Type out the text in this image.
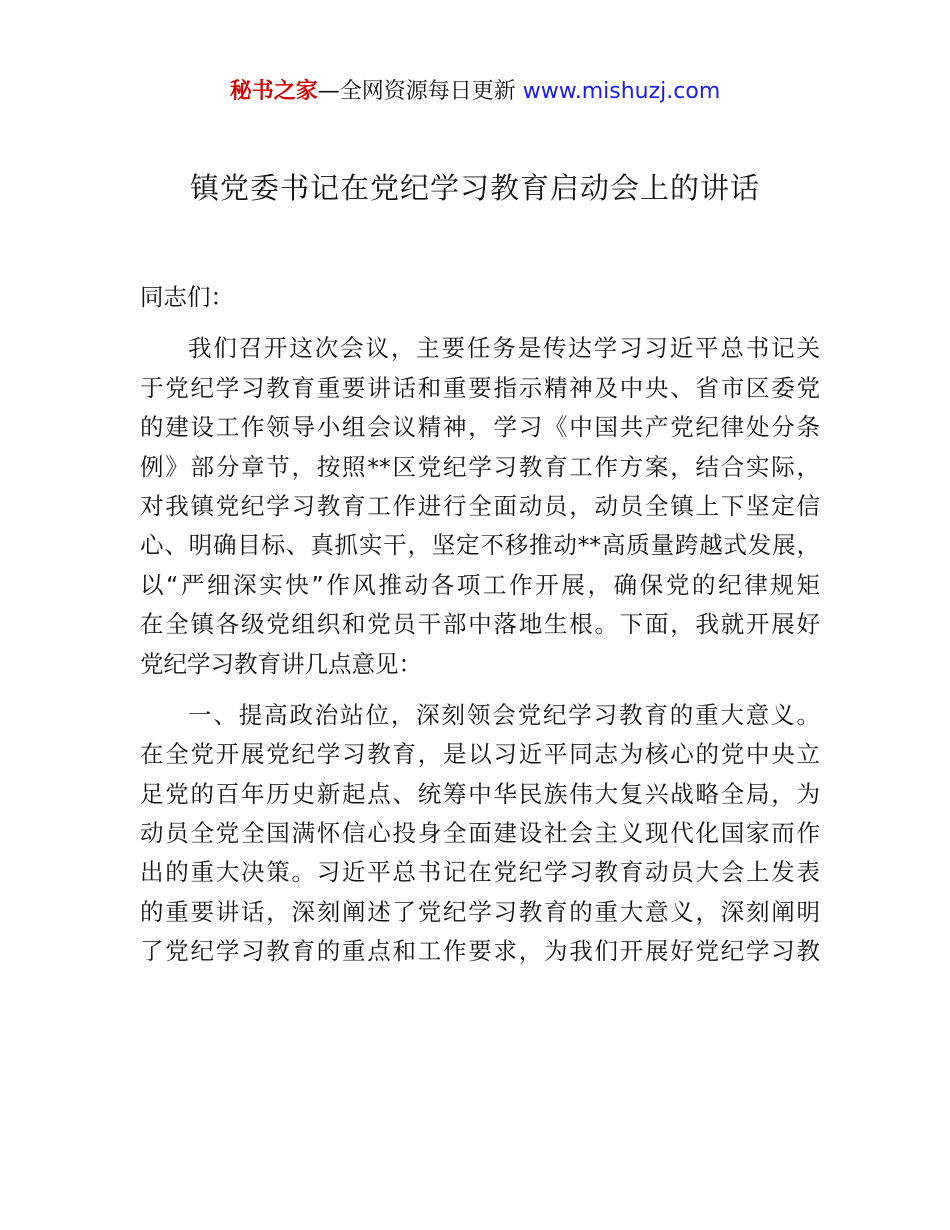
秘书之家—全网资源每日更新 www.mishuzj.com
镇党委书记在党纪学习教育启动会上的讲话
同志们：
我们召开这次会议，主要任务是传达学习习近平总书记关
于党纪学习教育重要讲话和重要指示精神及中央、省市区委党
的建设工作领导小组会议精神，学习《中国共产党纪律处分条
例》部分章节，按照**区党纪学习教育工作方案，结合实际，
对我镇党纪学习教育工作进行全面动员，动员全镇上下坚定信
心、明确目标、真抓实干，坚定不移推动**高质量跨越式发展，
以“严细深实快”作风推动各项工作开展，确保党的纪律规矩
在全镇各级党组织和党员干部中落地生根。下面，我就开展好
党纪学习教育讲几点意见：
一、提高政治站位，深刻领会党纪学习教育的重大意义。
在全党开展党纪学习教育，是以习近平同志为核心的党中央立
足党的百年历史新起点、统筹中华民族伟大复兴战略全局，为
动员全党全国满怀信心投身全面建设社会主义现代化国家而作
出的重大决策。习近平总书记在党纪学习教育动员大会上发表
的重要讲话，深刻阐述了党纪学习教育的重大意义，深刻阐明
了党纪学习教育的重点和工作要求，为我们开展好党纪学习教
